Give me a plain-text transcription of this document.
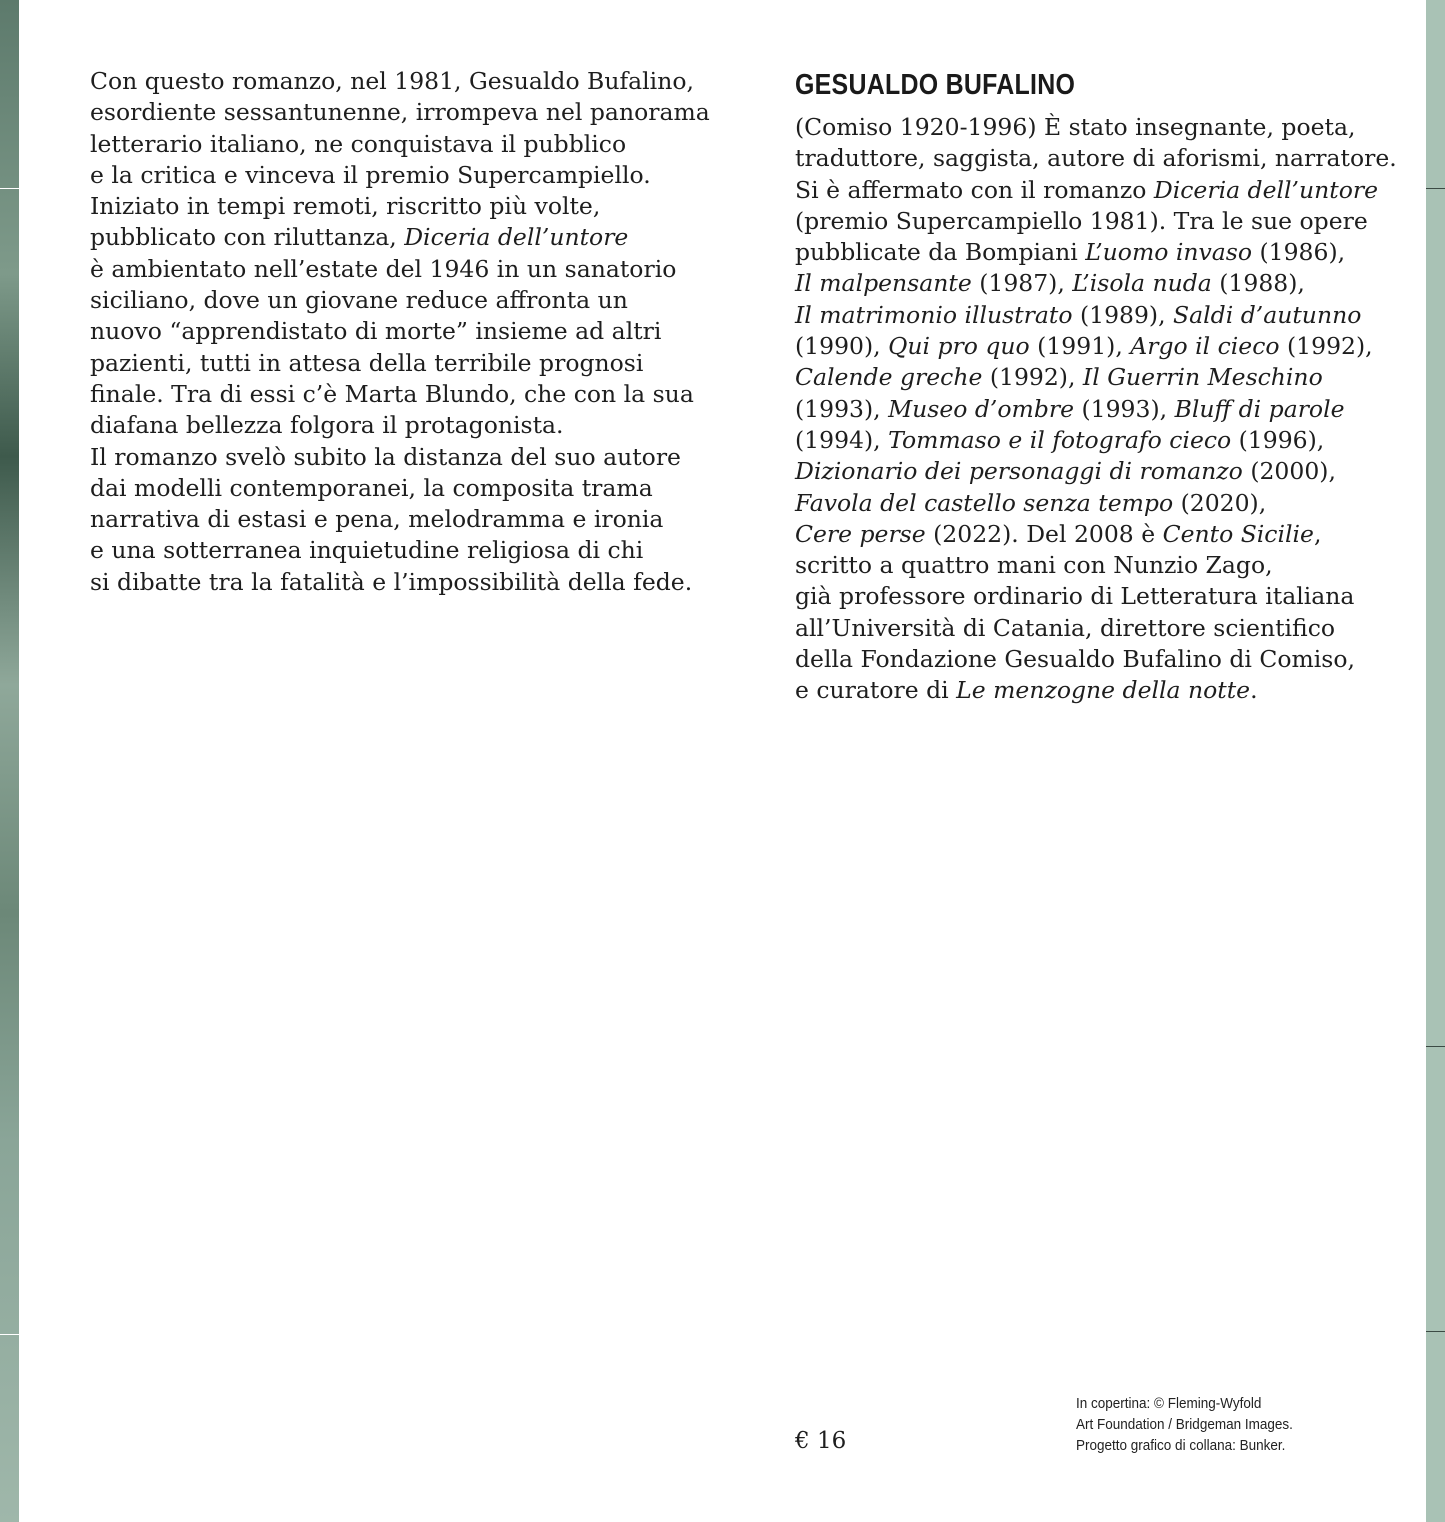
Con questo romanzo, nel 1981, Gesualdo Bufalino,
esordiente sessantunenne, irrompeva nel panorama
letterario italiano, ne conquistava il pubblico
e la critica e vinceva il premio Supercampiello.
Iniziato in tempi remoti, riscritto più volte,
pubblicato con riluttanza, Diceria dell’untore
è ambientato nell’estate del 1946 in un sanatorio
siciliano, dove un giovane reduce affronta un
nuovo “apprendistato di morte” insieme ad altri
pazienti, tutti in attesa della terribile prognosi
finale. Tra di essi c’è Marta Blundo, che con la sua
diafana bellezza folgora il protagonista.
Il romanzo svelò subito la distanza del suo autore
dai modelli contemporanei, la composita trama
narrativa di estasi e pena, melodramma e ironia
e una sotterranea inquietudine religiosa di chi
si dibatte tra la fatalità e l’impossibilità della fede.
GESUALDO BUFALINO
(Comiso 1920-1996) È stato insegnante, poeta,
traduttore, saggista, autore di aforismi, narratore.
Si è affermato con il romanzo Diceria dell’untore
(premio Supercampiello 1981). Tra le sue opere
pubblicate da Bompiani L’uomo invaso (1986),
Il malpensante (1987), L’isola nuda (1988),
Il matrimonio illustrato (1989), Saldi d’autunno
(1990), Qui pro quo (1991), Argo il cieco (1992),
Calende greche (1992), Il Guerrin Meschino
(1993), Museo d’ombre (1993), Bluff di parole
(1994), Tommaso e il fotografo cieco (1996),
Dizionario dei personaggi di romanzo (2000),
Favola del castello senza tempo (2020),
Cere perse (2022). Del 2008 è Cento Sicilie,
scritto a quattro mani con Nunzio Zago,
già professore ordinario di Letteratura italiana
all’Università di Catania, direttore scientifico
della Fondazione Gesualdo Bufalino di Comiso,
e curatore di Le menzogne della notte.
€ 16
In copertina: © Fleming-Wyfold
Art Foundation / Bridgeman Images.
Progetto grafico di collana: Bunker.
